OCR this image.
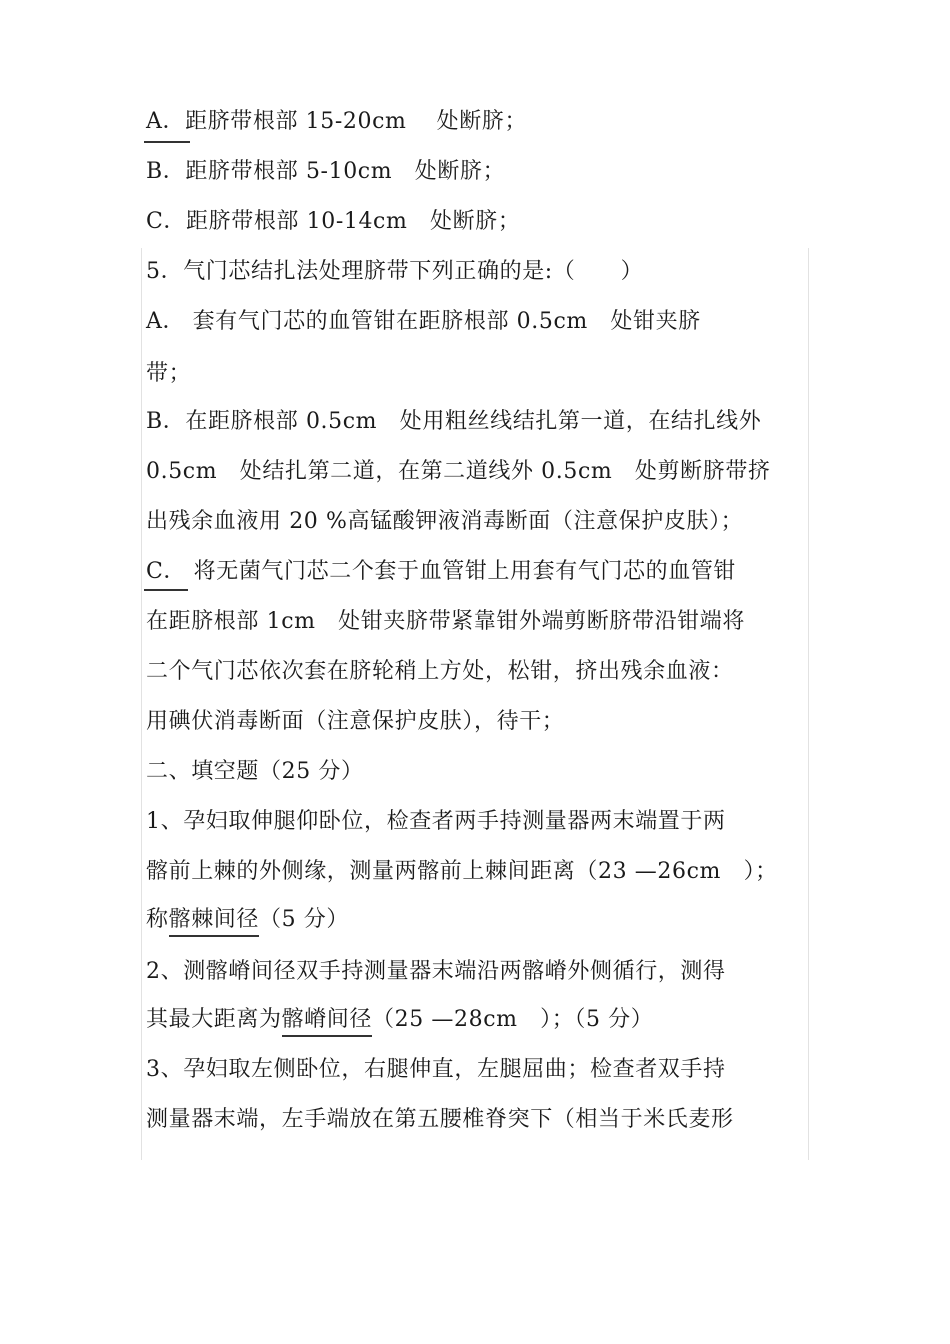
A．距脐带根部 15-20cm　 处断脐；
B．距脐带根部 5-10cm　处断脐；
C．距脐带根部 10-14cm　处断脐；
5．气门芯结扎法处理脐带下列正确的是:（　　）
A． 套有气门芯的血管钳在距脐根部 0.5cm　处钳夹脐
带；
B．在距脐根部 0.5cm　处用粗丝线结扎第一道，在结扎线外
0.5cm　处结扎第二道，在第二道线外 0.5cm　处剪断脐带挤
出残余血液用 20 %高锰酸钾液消毒断面（注意保护皮肤）；
C． 将无菌气门芯二个套于血管钳上用套有气门芯的血管钳
在距脐根部 1cm　处钳夹脐带紧靠钳外端剪断脐带沿钳端将
二个气门芯依次套在脐轮稍上方处，松钳，挤出残余血液：
用碘伏消毒断面（注意保护皮肤），待干；
二、填空题（25 分）
1、孕妇取伸腿仰卧位，检查者两手持测量器两末端置于两
髂前上棘的外侧缘，测量两髂前上棘间距离（23 —26cm　）；
称髂棘间径（5 分）
2、测髂嵴间径双手持测量器末端沿两髂嵴外侧循行，测得
其最大距离为髂嵴间径（25 —28cm　）；（5 分）
3、孕妇取左侧卧位，右腿伸直，左腿屈曲；检查者双手持
测量器末端，左手端放在第五腰椎脊突下（相当于米氏麦形
